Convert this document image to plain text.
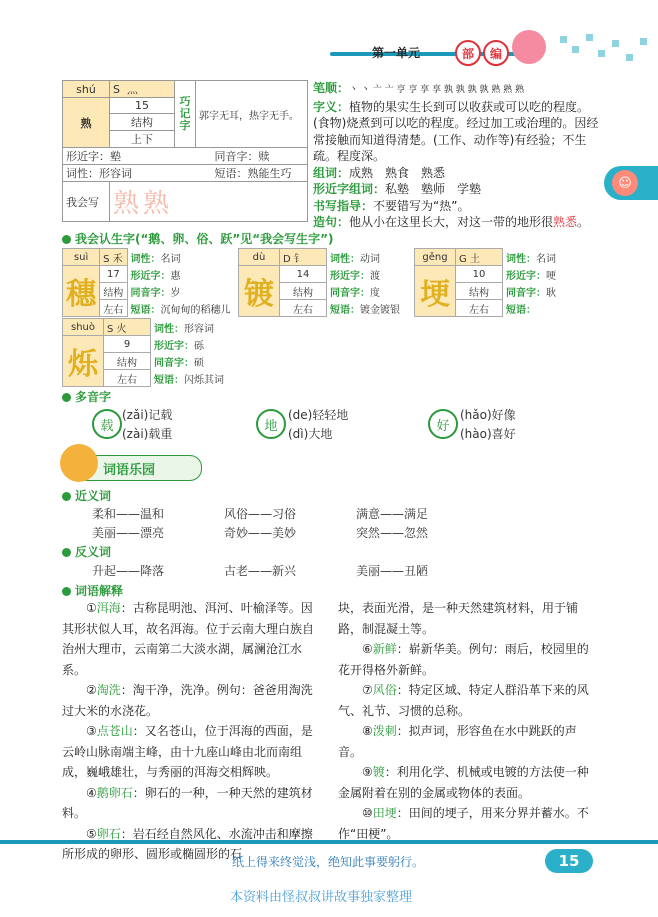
第一单元	部	编
☺
shú	S 灬	巧记字	郭字无耳，热字无手。
熟	15		
	结构		
	上下		
形近字：塾		同音字：赎	
词性：形容词		短语：熟能生巧	
我会写	熟熟		
笔顺：丶 丶 亠 亠 亨 亨 享 享 孰 孰 孰 孰 熟 熟 熟
字义：植物的果实生长到可以收获或可以吃的程度。(食物)烧煮到可以吃的程度。经过加工或治理的。因经常接触而知道得清楚。(工作、动作等)有经验；不生疏。程度深。
组词：成熟　熟食　熟悉
形近字组词：私塾　塾师　学塾
书写指导：不要错写为“热”。
造句：他从小在这里长大，对这一带的地形很熟悉。
我会认生字(“鹅、卵、俗、跃”见“我会写生字”)
suì	S 禾	词性：名词
穗	17	形近字：惠
	结构	同音字：岁
	左右	短语：沉甸甸的稻穗儿
dù	D 钅	词性：动词
镀	14	形近字：渡
	结构	同音字：度
	左右	短语：镀金镀银
gěng	G 土	词性：名词
埂	10	形近字：哽
	结构	同音字：耿
	左右	短语：
shuò	S 火	词性：形容词
烁	9	形近字：砾
	结构	同音字：硕
	左右	短语：闪烁其词
多音字
载
(zǎi)记载
(zài)载重
地
(de)轻轻地
(dì)大地
好
(hǎo)好像
(hào)喜好
词语乐园
近义词
柔和——温和	风俗——习俗	满意——满足
美丽——漂亮	奇妙——美妙	突然——忽然
反义词
升起——降落	古老——新兴	美丽——丑陋
词语解释
①洱海：古称昆明池、洱河、叶榆泽等。因其形状似人耳，故名洱海。位于云南大理白族自治州大理市，云南第二大淡水湖，属澜沧江水系。
②淘洗：淘干净，洗净。例句：爸爸用淘洗过大米的水浇花。
③点苍山：又名苍山，位于洱海的西面，是云岭山脉南端主峰，由十九座山峰由北而南组成，巍峨雄壮，与秀丽的洱海交相辉映。
④鹅卵石：卵石的一种，一种天然的建筑材料。
⑤卵石：岩石经自然风化、水流冲击和摩擦所形成的卵形、圆形或椭圆形的石
块，表面光滑，是一种天然建筑材料，用于铺路，制混凝土等。
⑥新鲜：崭新华美。例句：雨后，校园里的花开得格外新鲜。
⑦风俗：特定区域、特定人群沿革下来的风气、礼节、习惯的总称。
⑧泼刺：拟声词，形容鱼在水中跳跃的声音。
⑨镀：利用化学、机械或电镀的方法使一种金属附着在别的金属或物体的表面。
⑩田埂：田间的埂子，用来分界并蓄水。不作“田梗”。
纸上得来终觉浅，绝知此事要躬行。	15
本资料由怪叔叔讲故事独家整理
